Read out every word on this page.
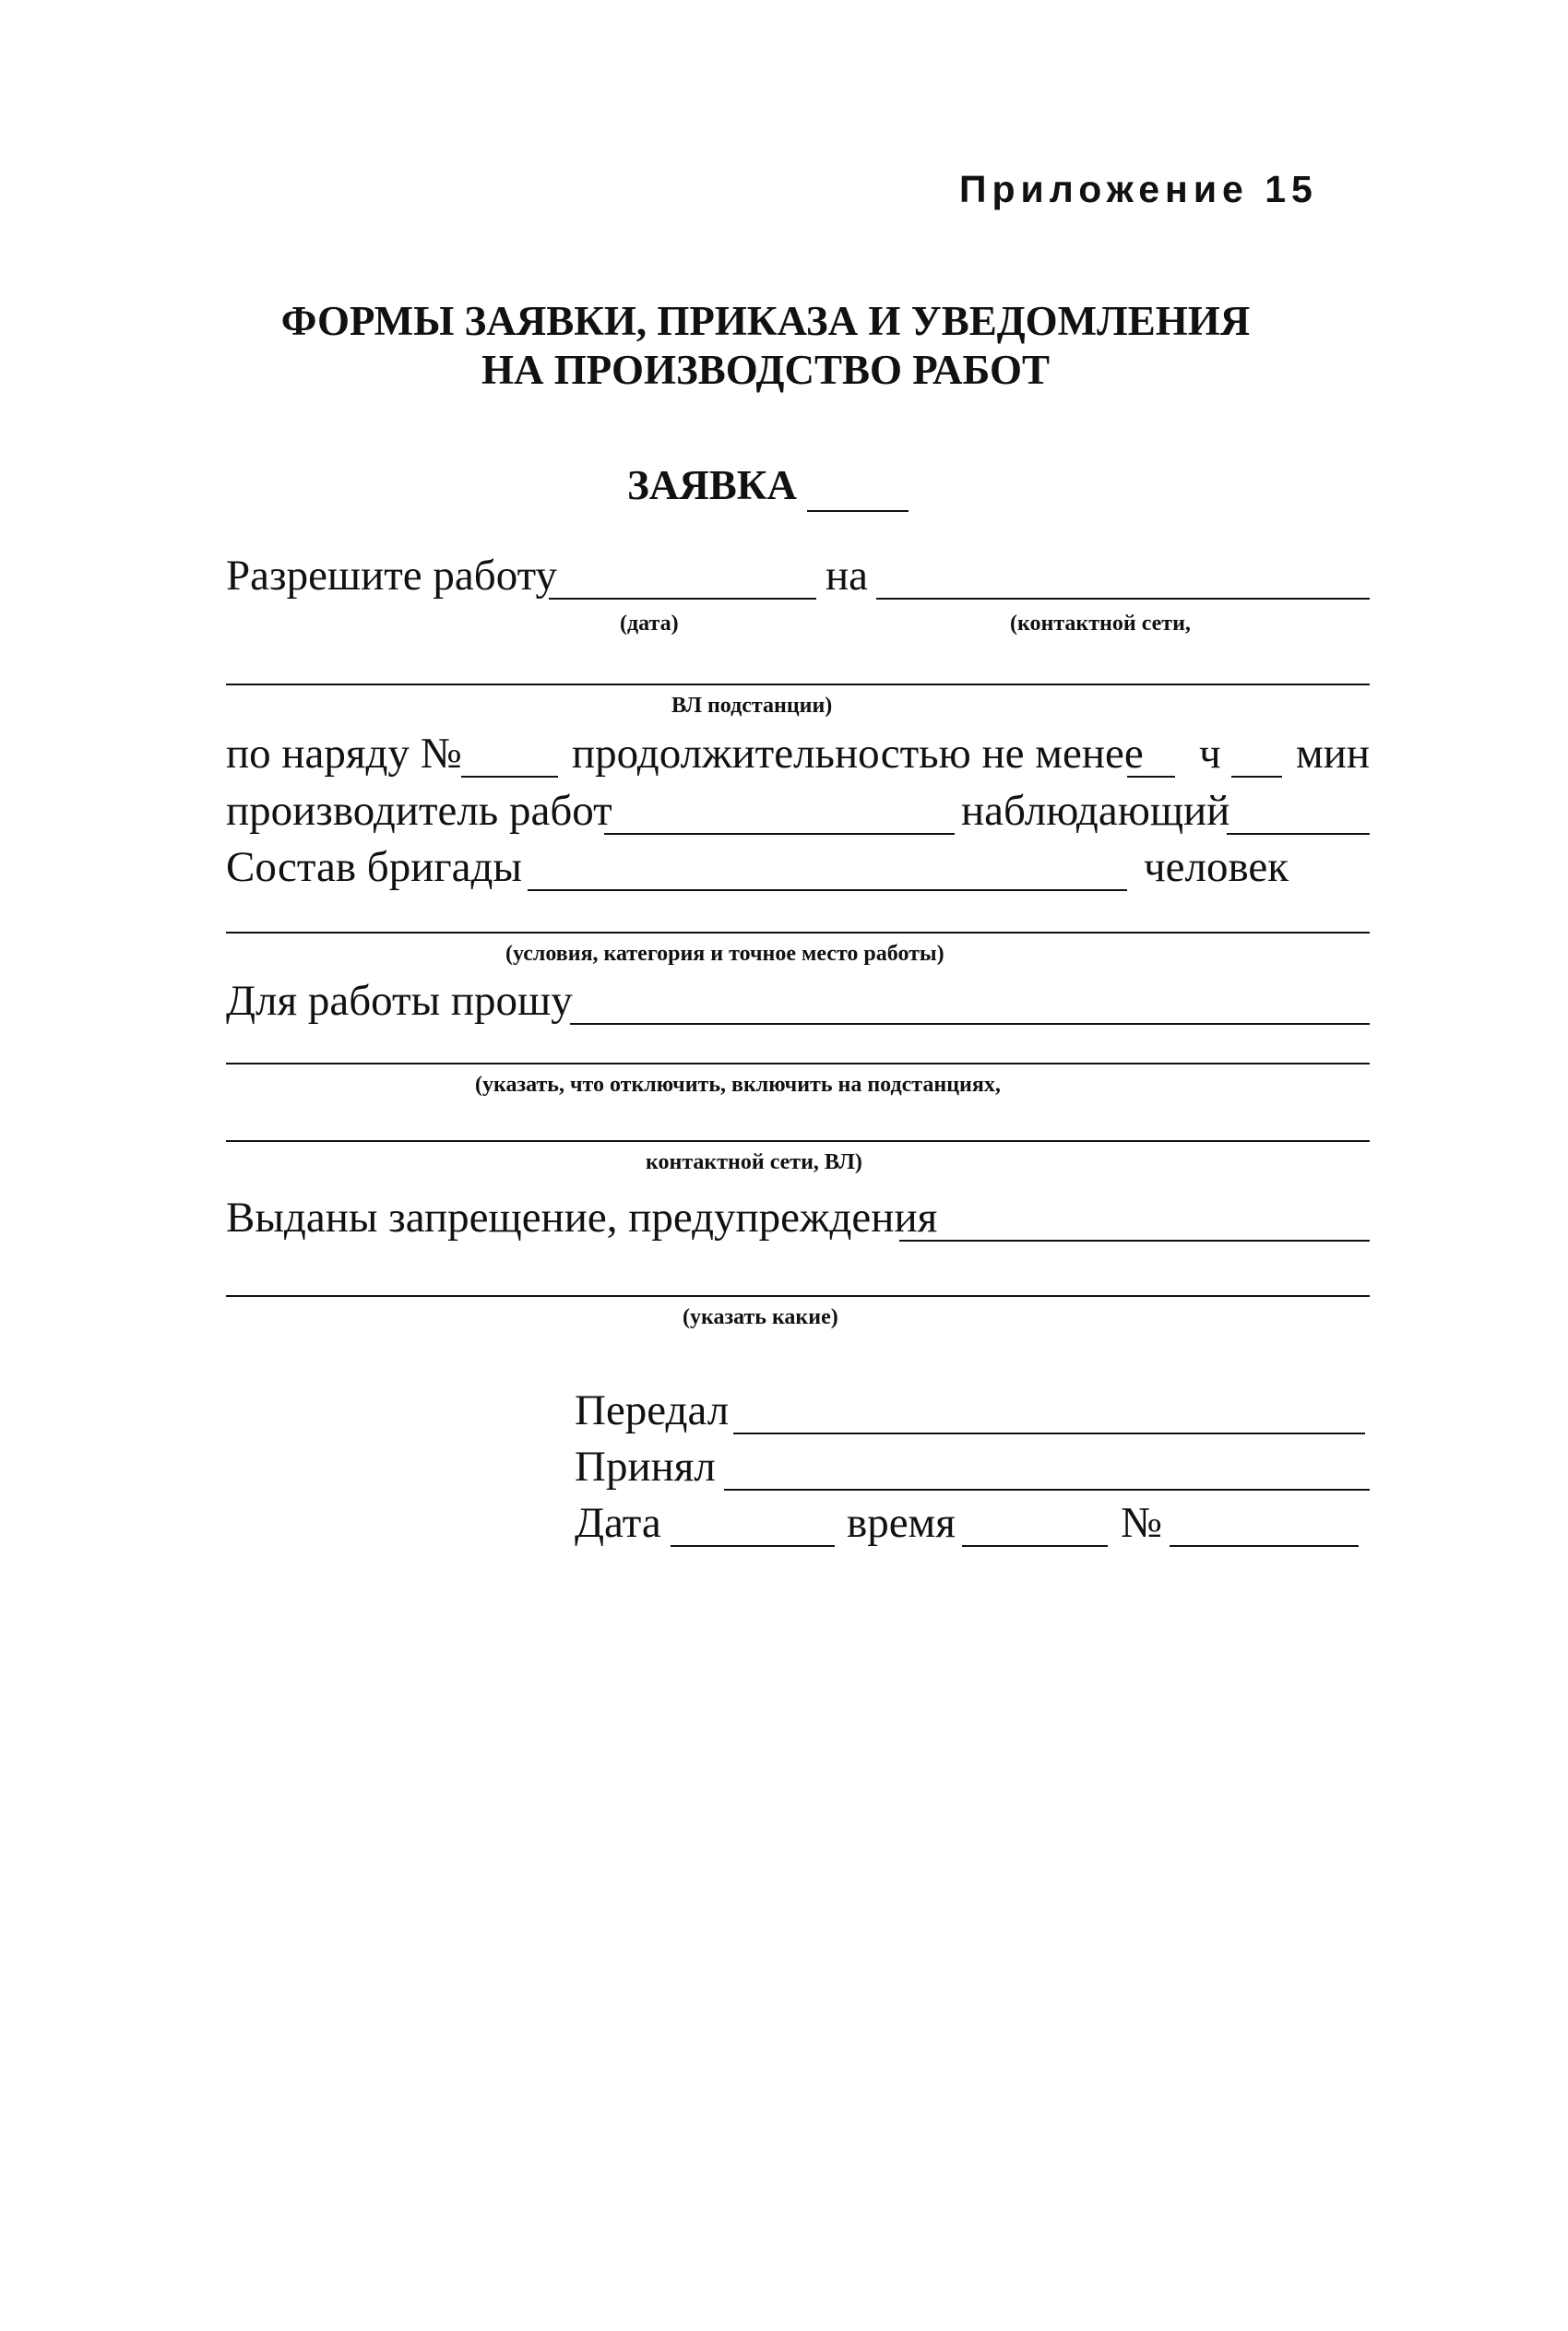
Приложение 15
ФОРМЫ ЗАЯВКИ, ПРИКАЗА И УВЕДОМЛЕНИЯ
НА ПРОИЗВОДСТВО РАБОТ
ЗАЯВКА
Разрешите работу	на
(дата)	(контактной сети,
ВЛ подстанции)
по наряду №	продолжительностью не менее ч мин
производитель работ	наблюдающий
Состав бригады	человек
(условия, категория и точное место работы)
Для работы прошу
(указать, что отключить, включить на подстанциях,
контактной сети, ВЛ)
Выданы запрещение, предупреждения
(указать какие)
Передал
Принял
Дата	время	№
